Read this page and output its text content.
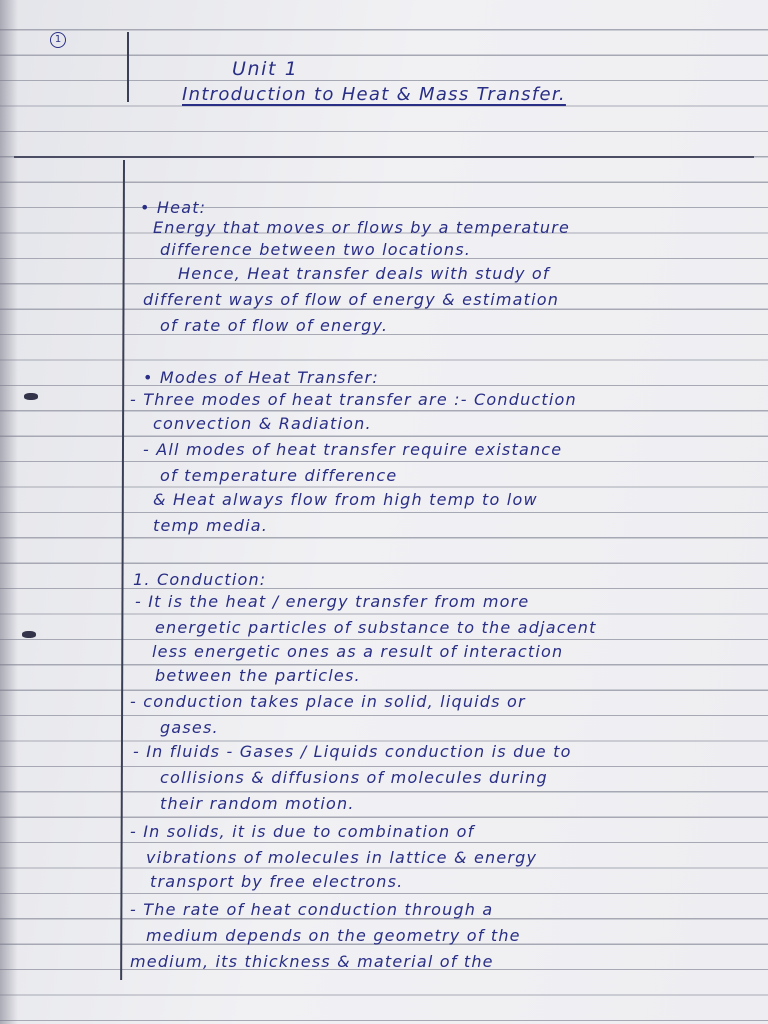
1
Unit 1
Introduction to Heat & Mass Transfer.
• Heat:
Energy that moves or flows by a temperature
difference between two locations.
Hence, Heat transfer deals with study of
different ways of flow of energy & estimation
of rate of flow of energy.
• Modes of Heat Transfer:
- Three modes of heat transfer are :- Conduction
convection & Radiation.
- All modes of heat transfer require existance
of temperature difference
& Heat always flow from high temp to low
temp media.
1. Conduction:
- It is the heat / energy transfer from more
energetic particles of substance to the adjacent
less energetic ones as a result of interaction
between the particles.
- conduction takes place in solid, liquids or
gases.
- In fluids - Gases / Liquids conduction is due to
collisions & diffusions of molecules during
their random motion.
- In solids, it is due to combination of
vibrations of molecules in lattice & energy
transport by free electrons.
- The rate of heat conduction through a
medium depends on the geometry of the
medium, its thickness & material of the
